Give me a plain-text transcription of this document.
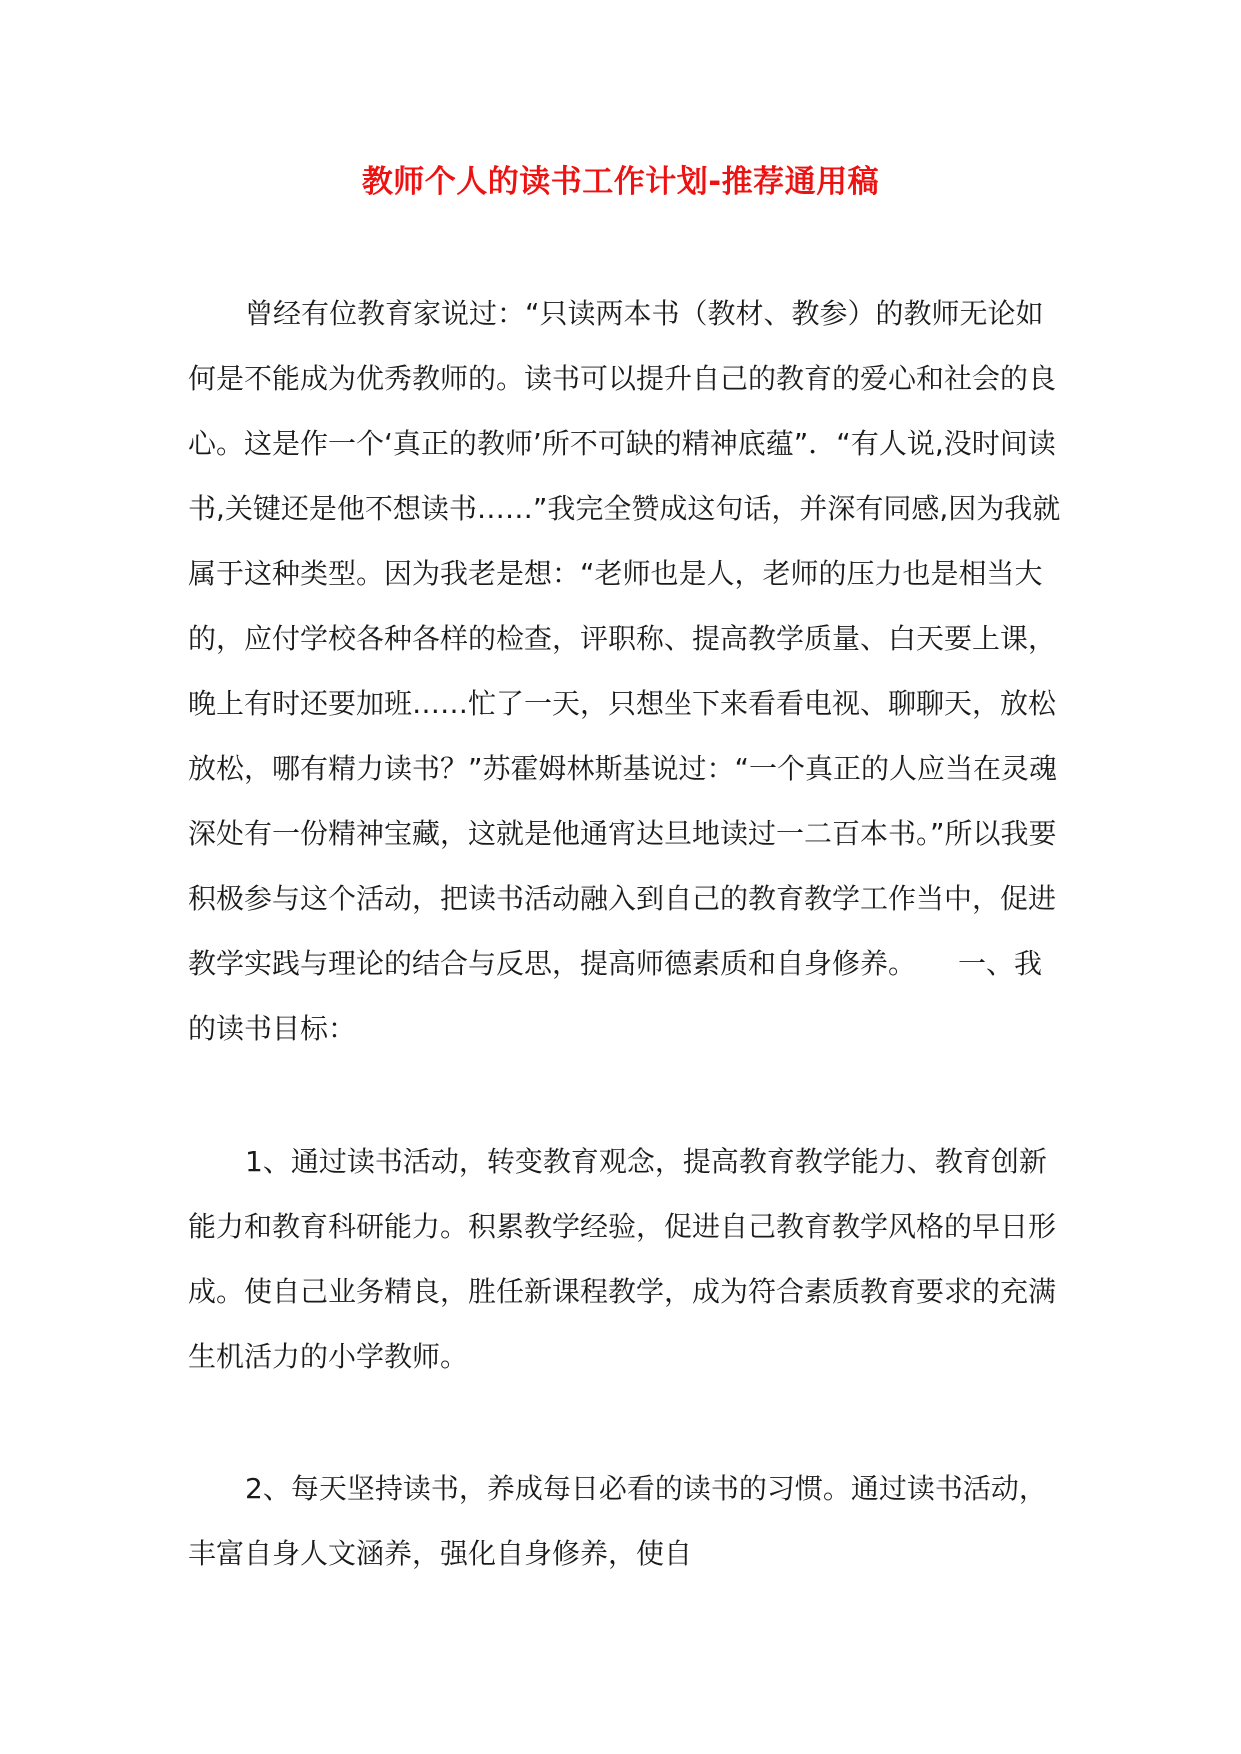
教师个人的读书工作计划-推荐通用稿
曾经有位教育家说过：“只读两本书（教材、教参）的教师无论如何是不能成为优秀教师的。读书可以提升自己的教育的爱心和社会的良心。这是作一个‘真正的教师’所不可缺的精神底蕴”．“有人说,没时间读书,关键还是他不想读书……”我完全赞成这句话，并深有同感,因为我就属于这种类型。因为我老是想：“老师也是人，老师的压力也是相当大的，应付学校各种各样的检查，评职称、提高教学质量、白天要上课，晚上有时还要加班……忙了一天，只想坐下来看看电视、聊聊天，放松放松，哪有精力读书？”苏霍姆林斯基说过：“一个真正的人应当在灵魂深处有一份精神宝藏，这就是他通宵达旦地读过一二百本书。”所以我要积极参与这个活动，把读书活动融入到自己的教育教学工作当中，促进教学实践与理论的结合与反思，提高师德素质和自身修养。　　一、我的读书目标：
1、通过读书活动，转变教育观念，提高教育教学能力、教育创新能力和教育科研能力。积累教学经验，促进自己教育教学风格的早日形成。使自己业务精良，胜任新课程教学，成为符合素质教育要求的充满生机活力的小学教师。
2、每天坚持读书，养成每日必看的读书的习惯。通过读书活动，丰富自身人文涵养，强化自身修养，使自
